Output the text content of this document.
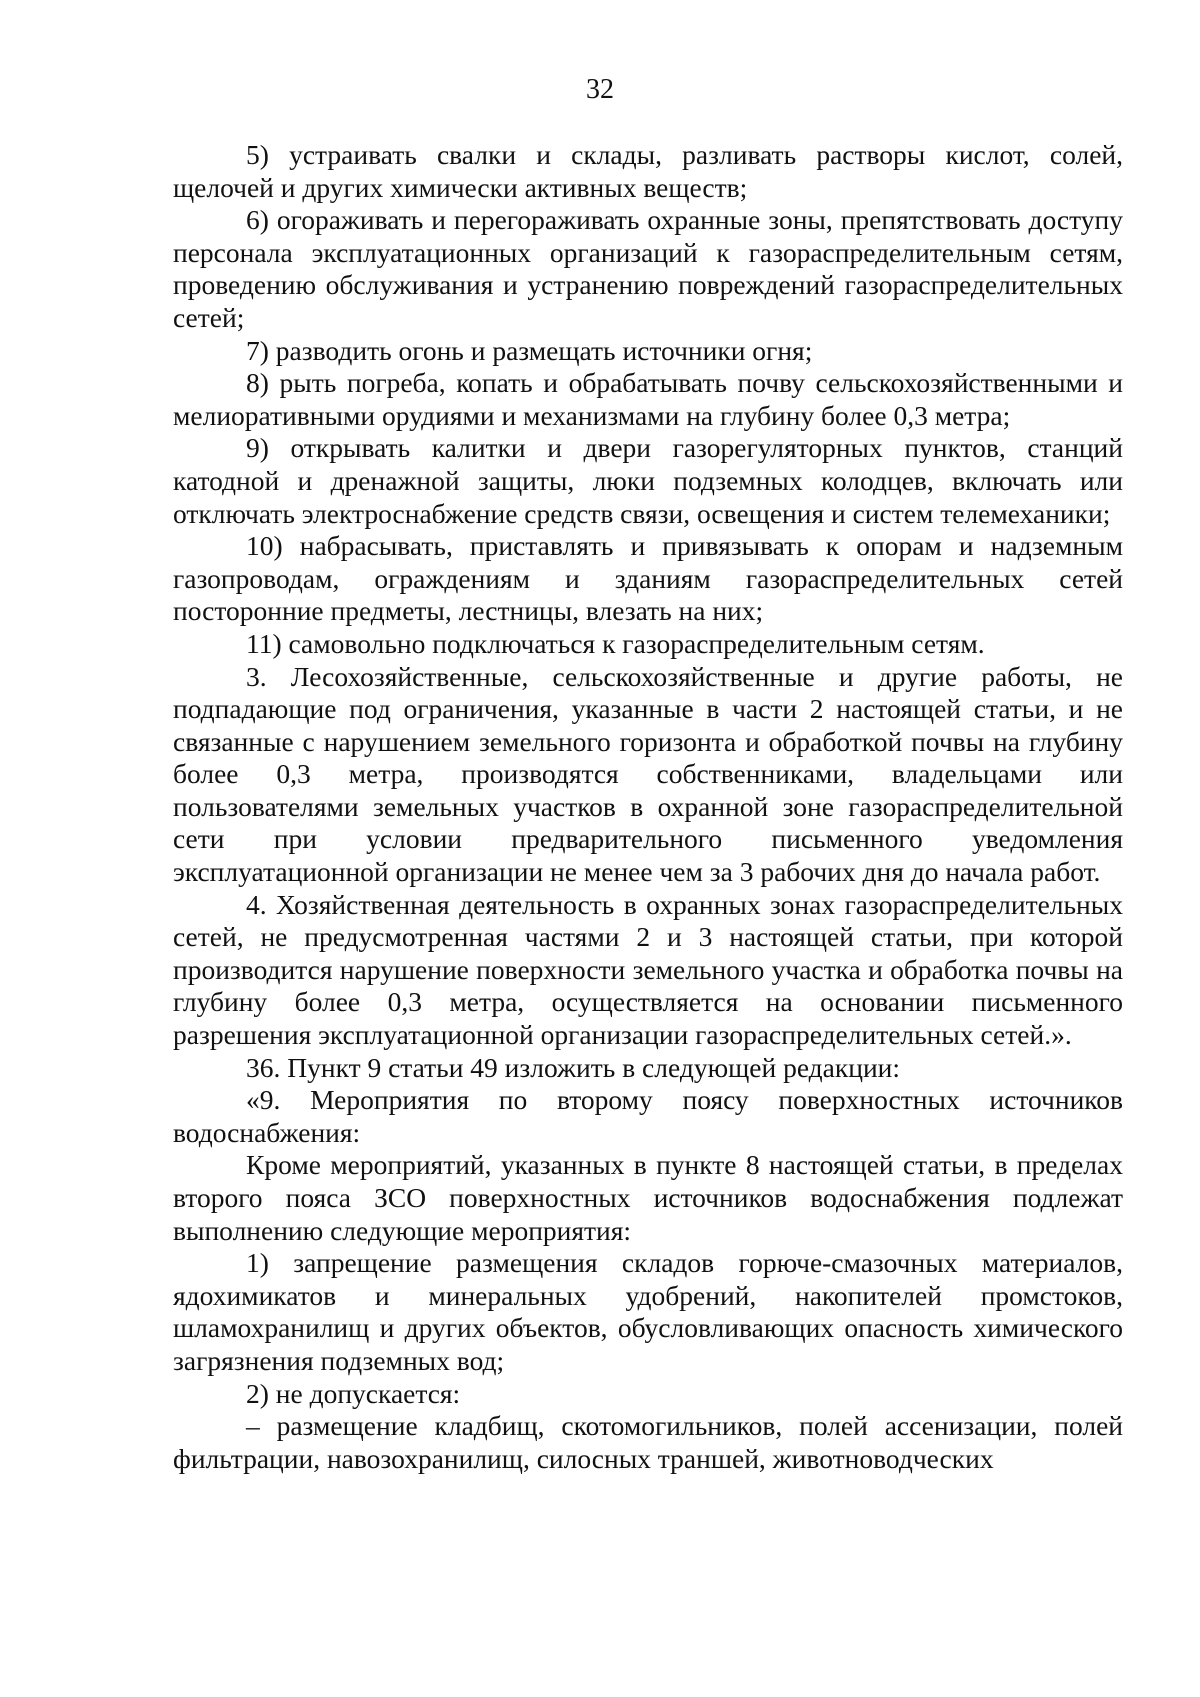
32

5) устраивать свалки и склады, разливать растворы кислот, солей, щелочей и других химически активных веществ;

6) огораживать и перегораживать охранные зоны, препятствовать доступу персонала эксплуатационных организаций к газораспределительным сетям, проведению обслуживания и устранению повреждений газораспределительных сетей;

7) разводить огонь и размещать источники огня;

8) рыть погреба, копать и обрабатывать почву сельскохозяйственными и мелиоративными орудиями и механизмами на глубину более 0,3 метра;

9) открывать калитки и двери газорегуляторных пунктов, станций катодной и дренажной защиты, люки подземных колодцев, включать или отключать электроснабжение средств связи, освещения и систем телемеханики;

10) набрасывать, приставлять и привязывать к опорам и надземным газопроводам, ограждениям и зданиям газораспределительных сетей посторонние предметы, лестницы, влезать на них;

11) самовольно подключаться к газораспределительным сетям.

3. Лесохозяйственные, сельскохозяйственные и другие работы, не подпадающие под ограничения, указанные в части 2 настоящей статьи, и не связанные с нарушением земельного горизонта и обработкой почвы на глубину более 0,3 метра, производятся собственниками, владельцами или пользователями земельных участков в охранной зоне газораспределительной сети при условии предварительного письменного уведомления эксплуатационной организации не менее чем за 3 рабочих дня до начала работ.

4. Хозяйственная деятельность в охранных зонах газораспределительных сетей, не предусмотренная частями 2 и 3 настоящей статьи, при которой производится нарушение поверхности земельного участка и обработка почвы на глубину более 0,3 метра, осуществляется на основании письменного разрешения эксплуатационной организации газораспределительных сетей.».

36. Пункт 9 статьи 49 изложить в следующей редакции:

«9. Мероприятия по второму поясу поверхностных источников водоснабжения:

Кроме мероприятий, указанных в пункте 8 настоящей статьи, в пределах второго пояса ЗСО поверхностных источников водоснабжения подлежат выполнению следующие мероприятия:

1) запрещение размещения складов горюче-смазочных материалов, ядохимикатов и минеральных удобрений, накопителей промстоков, шламохранилищ и других объектов, обусловливающих опасность химического загрязнения подземных вод;

2) не допускается:

– размещение кладбищ, скотомогильников, полей ассенизации, полей фильтрации, навозохранилищ, силосных траншей, животноводческих
